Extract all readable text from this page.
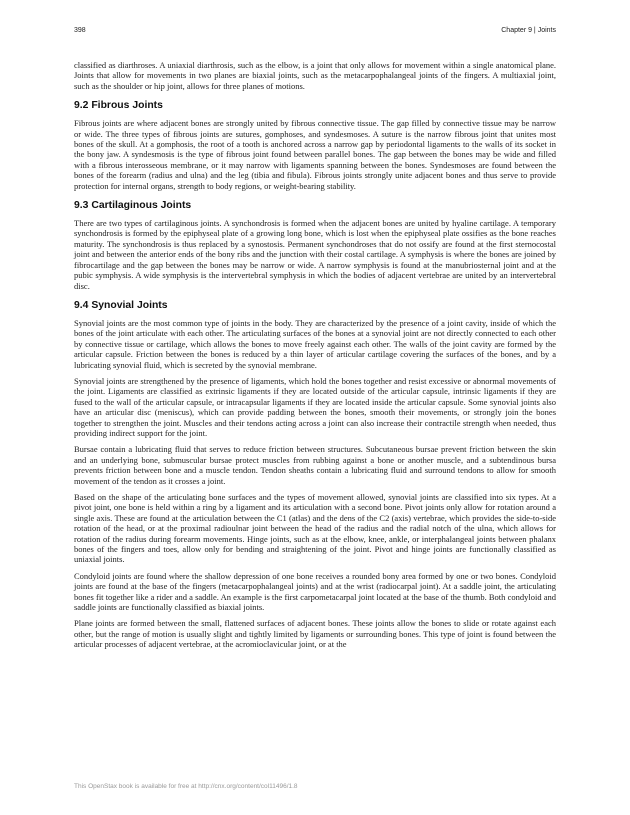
398	Chapter 9 | Joints

classified as diarthroses. A uniaxial diarthrosis, such as the elbow, is a joint that only allows for movement within a single anatomical plane. Joints that allow for movements in two planes are biaxial joints, such as the metacarpophalangeal joints of the fingers. A multiaxial joint, such as the shoulder or hip joint, allows for three planes of motions.

9.2 Fibrous Joints

Fibrous joints are where adjacent bones are strongly united by fibrous connective tissue. The gap filled by connective tissue may be narrow or wide. The three types of fibrous joints are sutures, gomphoses, and syndesmoses. A suture is the narrow fibrous joint that unites most bones of the skull. At a gomphosis, the root of a tooth is anchored across a narrow gap by periodontal ligaments to the walls of its socket in the bony jaw. A syndesmosis is the type of fibrous joint found between parallel bones. The gap between the bones may be wide and filled with a fibrous interosseous membrane, or it may narrow with ligaments spanning between the bones. Syndesmoses are found between the bones of the forearm (radius and ulna) and the leg (tibia and fibula). Fibrous joints strongly unite adjacent bones and thus serve to provide protection for internal organs, strength to body regions, or weight-bearing stability.

9.3 Cartilaginous Joints

There are two types of cartilaginous joints. A synchondrosis is formed when the adjacent bones are united by hyaline cartilage. A temporary synchondrosis is formed by the epiphyseal plate of a growing long bone, which is lost when the epiphyseal plate ossifies as the bone reaches maturity. The synchondrosis is thus replaced by a synostosis. Permanent synchondroses that do not ossify are found at the first sternocostal joint and between the anterior ends of the bony ribs and the junction with their costal cartilage. A symphysis is where the bones are joined by fibrocartilage and the gap between the bones may be narrow or wide. A narrow symphysis is found at the manubriosternal joint and at the pubic symphysis. A wide symphysis is the intervertebral symphysis in which the bodies of adjacent vertebrae are united by an intervertebral disc.

9.4 Synovial Joints

Synovial joints are the most common type of joints in the body. They are characterized by the presence of a joint cavity, inside of which the bones of the joint articulate with each other. The articulating surfaces of the bones at a synovial joint are not directly connected to each other by connective tissue or cartilage, which allows the bones to move freely against each other. The walls of the joint cavity are formed by the articular capsule. Friction between the bones is reduced by a thin layer of articular cartilage covering the surfaces of the bones, and by a lubricating synovial fluid, which is secreted by the synovial membrane.

Synovial joints are strengthened by the presence of ligaments, which hold the bones together and resist excessive or abnormal movements of the joint. Ligaments are classified as extrinsic ligaments if they are located outside of the articular capsule, intrinsic ligaments if they are fused to the wall of the articular capsule, or intracapsular ligaments if they are located inside the articular capsule. Some synovial joints also have an articular disc (meniscus), which can provide padding between the bones, smooth their movements, or strongly join the bones together to strengthen the joint. Muscles and their tendons acting across a joint can also increase their contractile strength when needed, thus providing indirect support for the joint.

Bursae contain a lubricating fluid that serves to reduce friction between structures. Subcutaneous bursae prevent friction between the skin and an underlying bone, submuscular bursae protect muscles from rubbing against a bone or another muscle, and a subtendinous bursa prevents friction between bone and a muscle tendon. Tendon sheaths contain a lubricating fluid and surround tendons to allow for smooth movement of the tendon as it crosses a joint.

Based on the shape of the articulating bone surfaces and the types of movement allowed, synovial joints are classified into six types. At a pivot joint, one bone is held within a ring by a ligament and its articulation with a second bone. Pivot joints only allow for rotation around a single axis. These are found at the articulation between the C1 (atlas) and the dens of the C2 (axis) vertebrae, which provides the side-to-side rotation of the head, or at the proximal radioulnar joint between the head of the radius and the radial notch of the ulna, which allows for rotation of the radius during forearm movements. Hinge joints, such as at the elbow, knee, ankle, or interphalangeal joints between phalanx bones of the fingers and toes, allow only for bending and straightening of the joint. Pivot and hinge joints are functionally classified as uniaxial joints.

Condyloid joints are found where the shallow depression of one bone receives a rounded bony area formed by one or two bones. Condyloid joints are found at the base of the fingers (metacarpophalangeal joints) and at the wrist (radiocarpal joint). At a saddle joint, the articulating bones fit together like a rider and a saddle. An example is the first carpometacarpal joint located at the base of the thumb. Both condyloid and saddle joints are functionally classified as biaxial joints.

Plane joints are formed between the small, flattened surfaces of adjacent bones. These joints allow the bones to slide or rotate against each other, but the range of motion is usually slight and tightly limited by ligaments or surrounding bones. This type of joint is found between the articular processes of adjacent vertebrae, at the acromioclavicular joint, or at the

This OpenStax book is available for free at http://cnx.org/content/col11496/1.8
